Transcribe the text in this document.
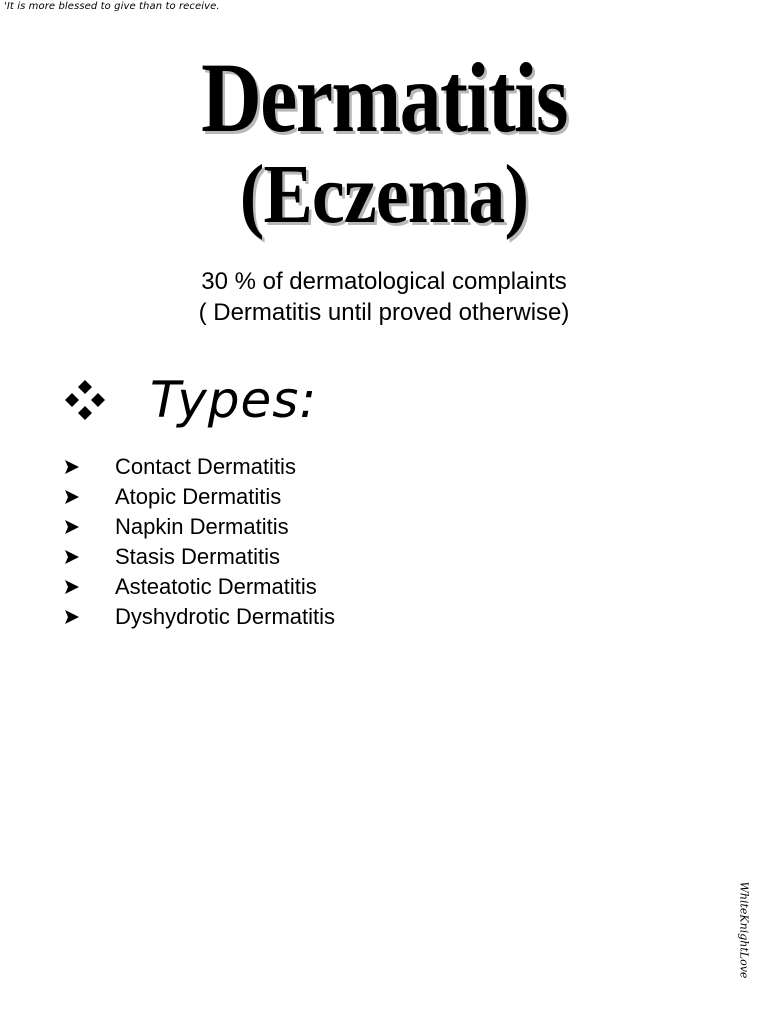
'It is more blessed to give than to receive.
Dermatitis
(Eczema)
30 % of dermatological complaints
( Dermatitis until proved otherwise)
Types:
Contact Dermatitis
Atopic Dermatitis
Napkin Dermatitis
Stasis Dermatitis
Asteatotic Dermatitis
Dyshydrotic Dermatitis
WhiteKnightLove
